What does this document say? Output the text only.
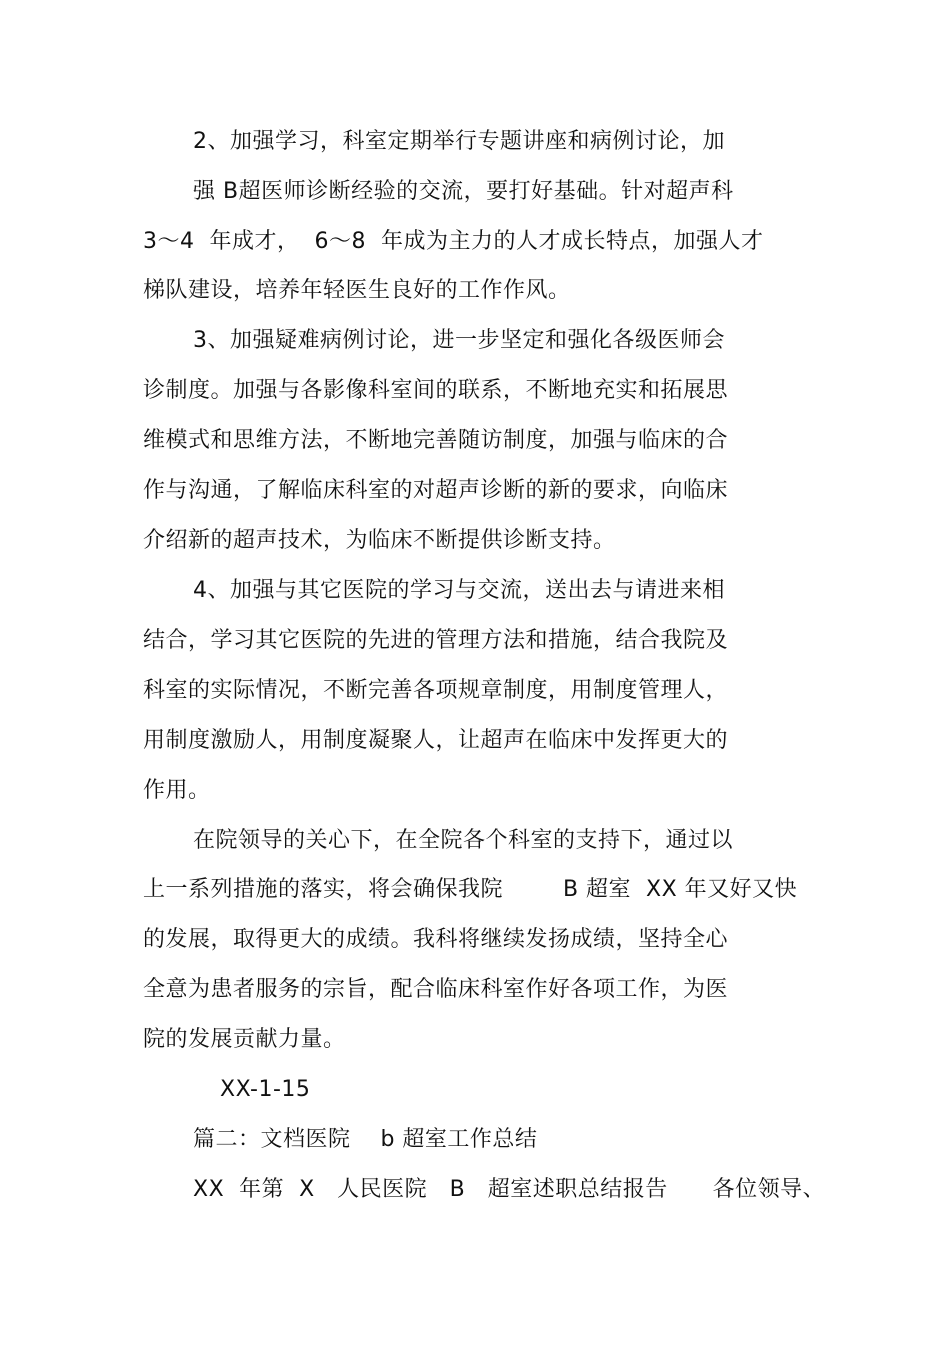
2、加强学习，科室定期举行专题讲座和病例讨论，加
强 B超医师诊断经验的交流，要打好基础。针对超声科
3～4  年成才，  6～8  年成为主力的人才成长特点，加强人才
梯队建设，培养年轻医生良好的工作作风。
3、加强疑难病例讨论，进一步坚定和强化各级医师会
诊制度。加强与各影像科室间的联系，不断地充实和拓展思
维模式和思维方法，不断地完善随访制度，加强与临床的合
作与沟通，了解临床科室的对超声诊断的新的要求，向临床
介绍新的超声技术，为临床不断提供诊断支持。
4、加强与其它医院的学习与交流，送出去与请进来相
结合，学习其它医院的先进的管理方法和措施，结合我院及
科室的实际情况，不断完善各项规章制度，用制度管理人，
用制度激励人，用制度凝聚人，让超声在临床中发挥更大的
作用。
在院领导的关心下，在全院各个科室的支持下，通过以
上一系列措施的落实，将会确保我院        B 超室  XX 年又好又快
的发展，取得更大的成绩。我科将继续发扬成绩，坚持全心
全意为患者服务的宗旨，配合临床科室作好各项工作，为医
院的发展贡献力量。
XX-1-15
篇二：文档医院    b 超室工作总结
XX  年第  X   人民医院   B   超室述职总结报告      各位领导、
